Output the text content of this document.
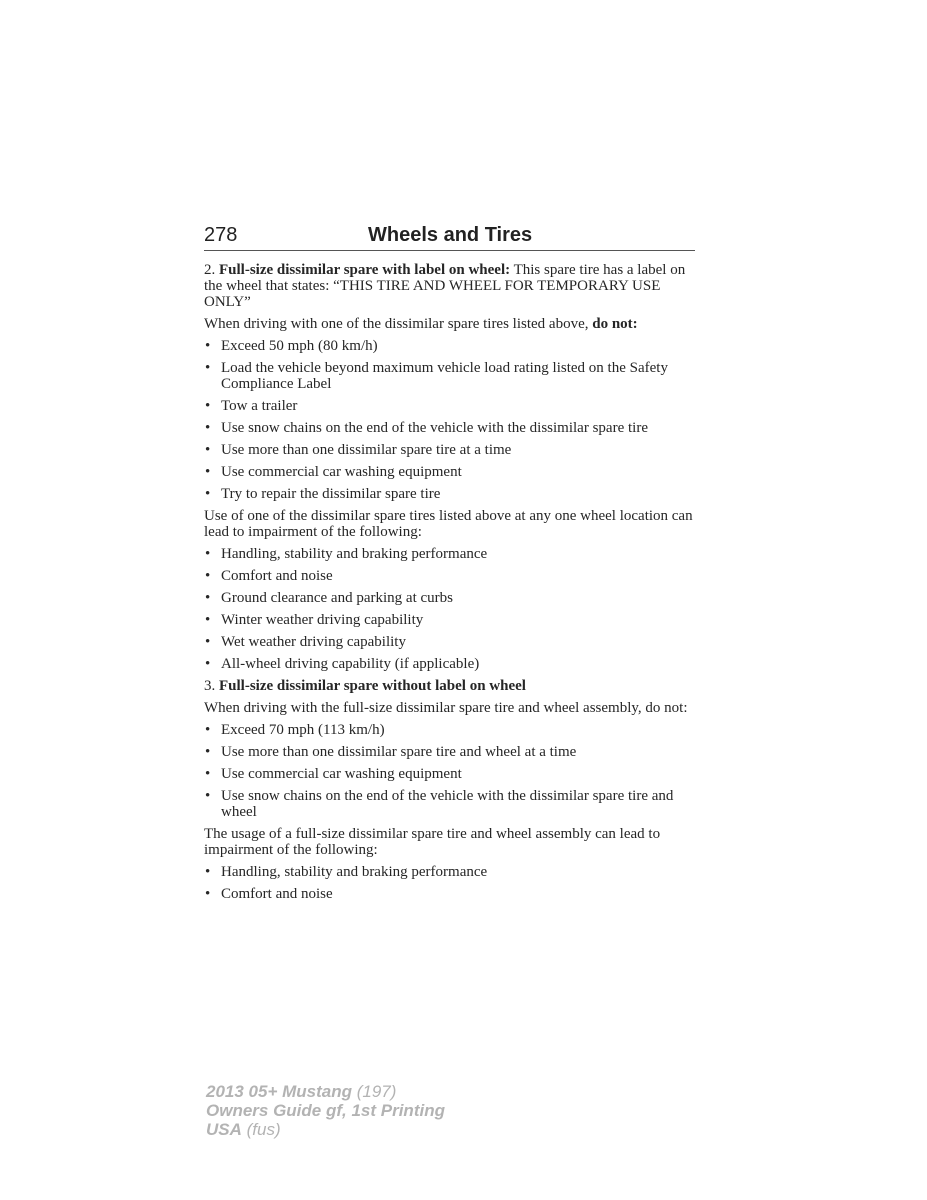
278	Wheels and Tires

2. Full-size dissimilar spare with label on wheel: This spare tire has a label on the wheel that states: “THIS TIRE AND WHEEL FOR TEMPORARY USE ONLY”

When driving with one of the dissimilar spare tires listed above, do not:

• Exceed 50 mph (80 km/h)
• Load the vehicle beyond maximum vehicle load rating listed on the Safety Compliance Label
• Tow a trailer
• Use snow chains on the end of the vehicle with the dissimilar spare tire
• Use more than one dissimilar spare tire at a time
• Use commercial car washing equipment
• Try to repair the dissimilar spare tire

Use of one of the dissimilar spare tires listed above at any one wheel location can lead to impairment of the following:

• Handling, stability and braking performance
• Comfort and noise
• Ground clearance and parking at curbs
• Winter weather driving capability
• Wet weather driving capability
• All-wheel driving capability (if applicable)

3. Full-size dissimilar spare without label on wheel

When driving with the full-size dissimilar spare tire and wheel assembly, do not:

• Exceed 70 mph (113 km/h)
• Use more than one dissimilar spare tire and wheel at a time
• Use commercial car washing equipment
• Use snow chains on the end of the vehicle with the dissimilar spare tire and wheel

The usage of a full-size dissimilar spare tire and wheel assembly can lead to impairment of the following:

• Handling, stability and braking performance
• Comfort and noise
2013 05+ Mustang (197)
Owners Guide gf, 1st Printing
USA (fus)
